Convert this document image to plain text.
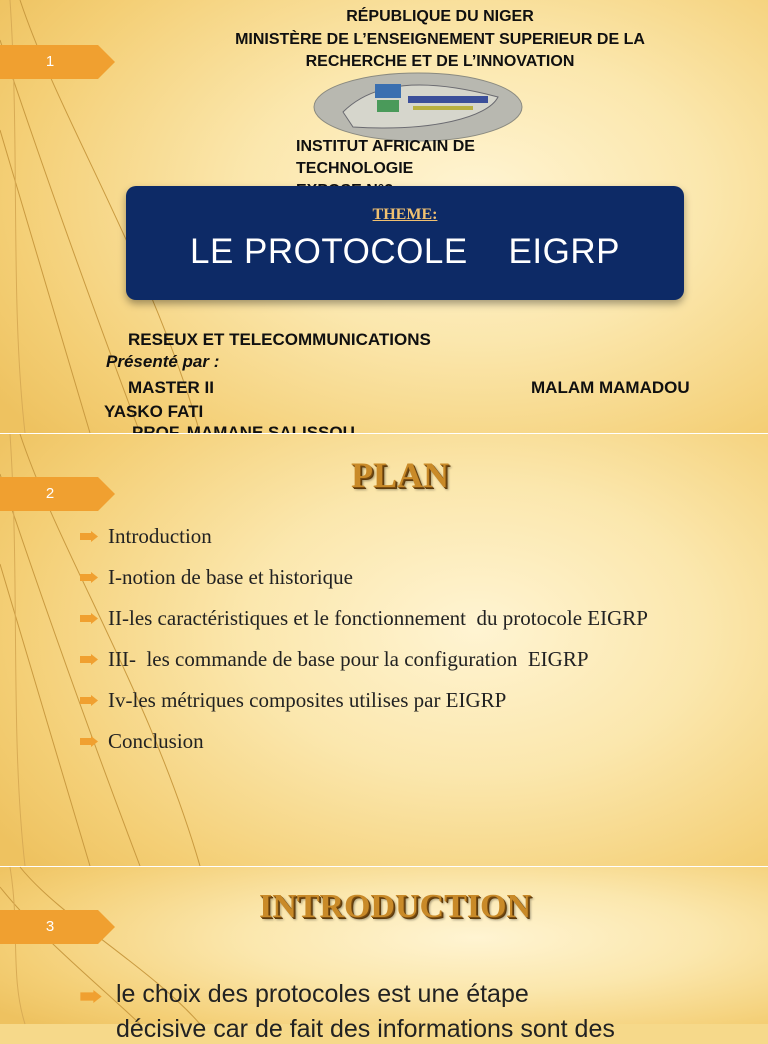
1
RÉPUBLIQUE DU NIGER
MINISTÈRE DE L’ENSEIGNEMENT SUPERIEUR DE LA
RECHERCHE ET DE L’INNOVATION
INSTITUT AFRICAIN DE
TECHNOLOGIE
THEME:
LE PROTOCOLE    EIGRP
RESEUX ET TELECOMMUNICATIONS
Présenté par :
MASTER II	MALAM MAMADOU
YASKO FATI
2	PLAN
Introduction
I-notion de base et historique
II-les caractéristiques et le fonctionnement  du protocole EIGRP
III-  les commande de base pour la configuration  EIGRP
Iv-les métriques composites utilises par EIGRP
Conclusion
3
INTRODUCTION
le choix des protocoles est une étape
décisive car de fait des informations sont des
